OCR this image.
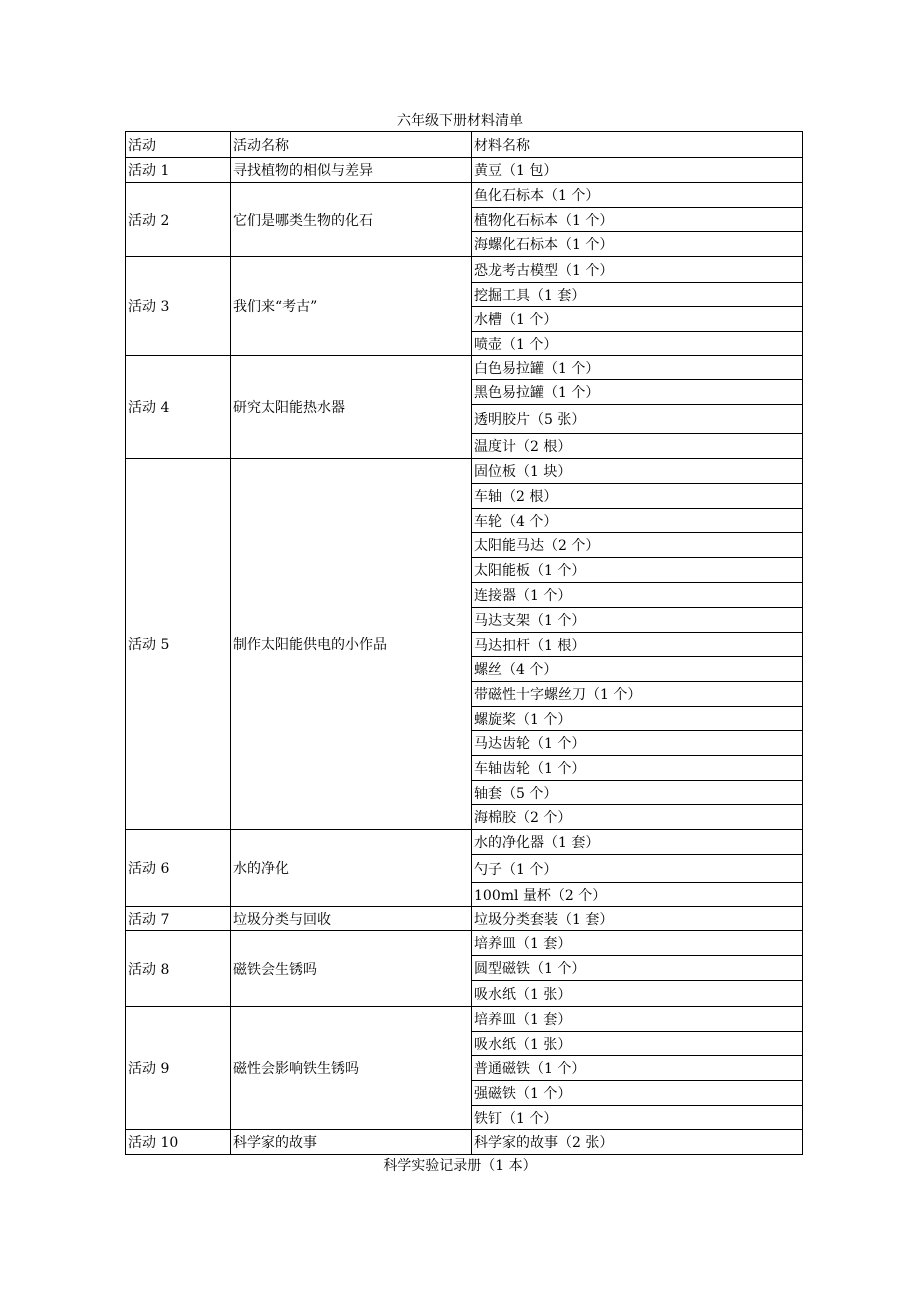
六年级下册材料清单
活动	活动名称	材料名称
活动 1	寻找植物的相似与差异	黄豆（1 包）
活动 2	它们是哪类生物的化石	鱼化石标本（1 个）
		植物化石标本（1 个）
		海螺化石标本（1 个）
活动 3	我们来“考古”	恐龙考古模型（1 个）
		挖掘工具（1 套）
		水槽（1 个）
		喷壶（1 个）
活动 4	研究太阳能热水器	白色易拉罐（1 个）
		黑色易拉罐（1 个）
		透明胶片（5 张）
		温度计（2 根）
活动 5	制作太阳能供电的小作品	固位板（1 块）
		车轴（2 根）
		车轮（4 个）
		太阳能马达（2 个）
		太阳能板（1 个）
		连接器（1 个）
		马达支架（1 个）
		马达扣杆（1 根）
		螺丝（4 个）
		带磁性十字螺丝刀（1 个）
		螺旋桨（1 个）
		马达齿轮（1 个）
		车轴齿轮（1 个）
		轴套（5 个）
		海棉胶（2 个）
活动 6	水的净化	水的净化器（1 套）
		勺子（1 个）
		100ml 量杯（2 个）
活动 7	垃圾分类与回收	垃圾分类套装（1 套）
活动 8	磁铁会生锈吗	培养皿（1 套）
		圆型磁铁（1 个）
		吸水纸（1 张）
活动 9	磁性会影响铁生锈吗	培养皿（1 套）
		吸水纸（1 张）
		普通磁铁（1 个）
		强磁铁（1 个）
		铁钉（1 个）
活动 10	科学家的故事	科学家的故事（2 张）
科学实验记录册（1 本）
